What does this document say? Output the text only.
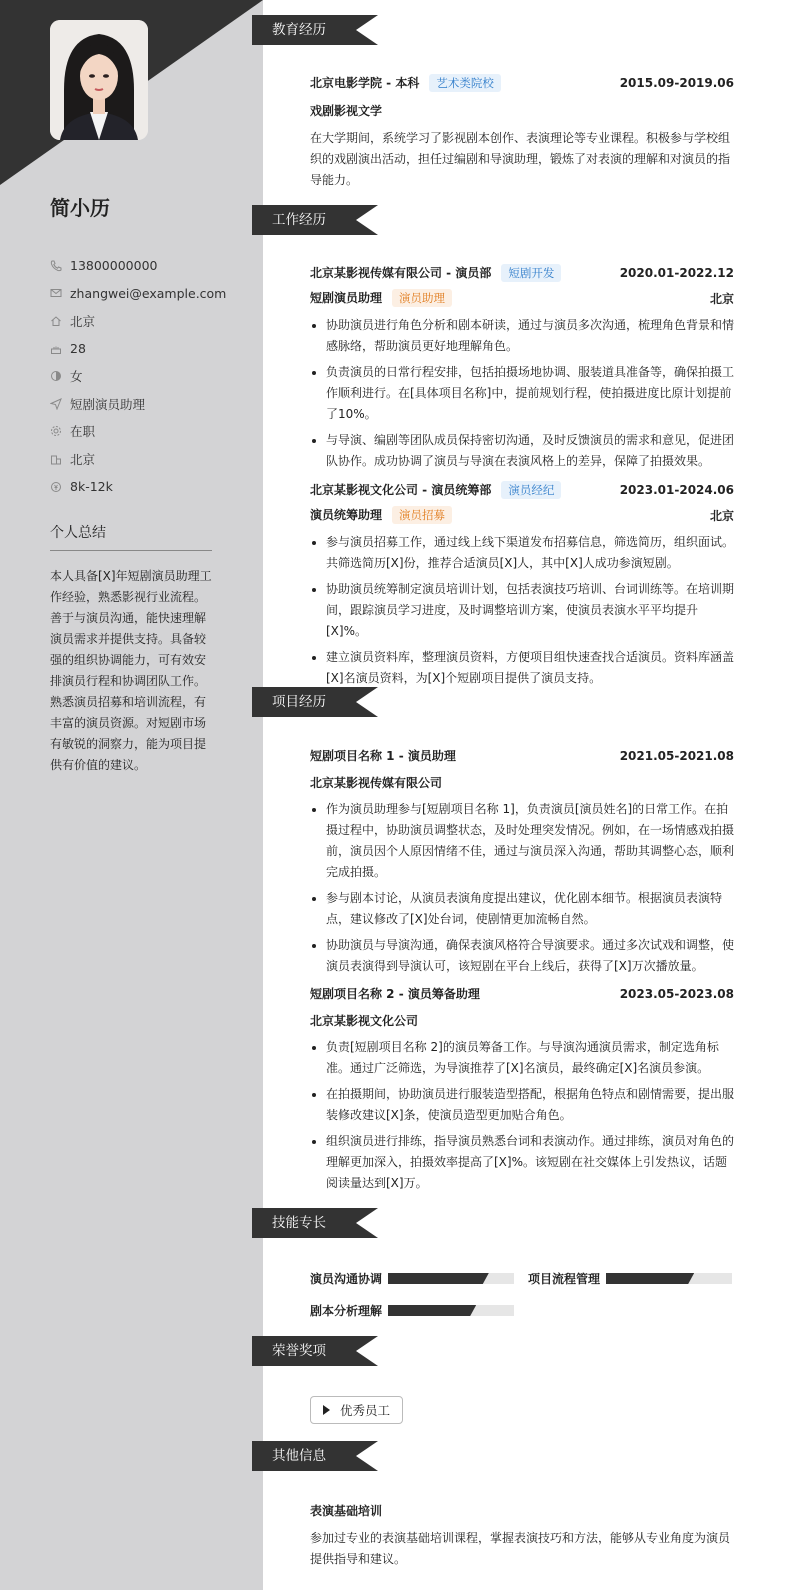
简小历
13800000000
zhangwei@example.com
北京
28
女
短剧演员助理
在职
北京
8k-12k
个人总结
本人具备[X]年短剧演员助理工作经验，熟悉影视行业流程。善于与演员沟通，能快速理解演员需求并提供支持。具备较强的组织协调能力，可有效安排演员行程和协调团队工作。熟悉演员招募和培训流程，有丰富的演员资源。对短剧市场有敏锐的洞察力，能为项目提供有价值的建议。
教育经历
工作经历
项目经历
技能专长
荣誉奖项
其他信息
北京电影学院 - 本科 艺术类院校	2015.09-2019.06
戏剧影视文学
在大学期间，系统学习了影视剧本创作、表演理论等专业课程。积极参与学校组织的戏剧演出活动，担任过编剧和导演助理，锻炼了对表演的理解和对演员的指导能力。
北京某影视传媒有限公司 - 演员部 短剧开发	2020.01-2022.12
短剧演员助理 演员助理	北京
• 协助演员进行角色分析和剧本研读，通过与演员多次沟通，梳理角色背景和情感脉络，帮助演员更好地理解角色。
• 负责演员的日常行程安排，包括拍摄场地协调、服装道具准备等，确保拍摄工作顺利进行。在[具体项目名称]中，提前规划行程，使拍摄进度比原计划提前了10%。
• 与导演、编剧等团队成员保持密切沟通，及时反馈演员的需求和意见，促进团队协作。成功协调了演员与导演在表演风格上的差异，保障了拍摄效果。
北京某影视文化公司 - 演员统筹部 演员经纪	2023.01-2024.06
演员统筹助理 演员招募	北京
• 参与演员招募工作，通过线上线下渠道发布招募信息，筛选简历，组织面试。共筛选简历[X]份，推荐合适演员[X]人，其中[X]人成功参演短剧。
• 协助演员统筹制定演员培训计划，包括表演技巧培训、台词训练等。在培训期间，跟踪演员学习进度，及时调整培训方案，使演员表演水平平均提升[X]%。
• 建立演员资料库，整理演员资料，方便项目组快速查找合适演员。资料库涵盖[X]名演员资料，为[X]个短剧项目提供了演员支持。
短剧项目名称 1 - 演员助理	2021.05-2021.08
北京某影视传媒有限公司
• 作为演员助理参与[短剧项目名称 1]，负责演员[演员姓名]的日常工作。在拍摄过程中，协助演员调整状态，及时处理突发情况。例如，在一场情感戏拍摄前，演员因个人原因情绪不佳，通过与演员深入沟通，帮助其调整心态，顺利完成拍摄。
• 参与剧本讨论，从演员表演角度提出建议，优化剧本细节。根据演员表演特点，建议修改了[X]处台词，使剧情更加流畅自然。
• 协助演员与导演沟通，确保表演风格符合导演要求。通过多次试戏和调整，使演员表演得到导演认可，该短剧在平台上线后，获得了[X]万次播放量。
短剧项目名称 2 - 演员筹备助理	2023.05-2023.08
北京某影视文化公司
• 负责[短剧项目名称 2]的演员筹备工作。与导演沟通演员需求，制定选角标准。通过广泛筛选，为导演推荐了[X]名演员，最终确定[X]名演员参演。
• 在拍摄期间，协助演员进行服装造型搭配，根据角色特点和剧情需要，提出服装修改建议[X]条，使演员造型更加贴合角色。
• 组织演员进行排练，指导演员熟悉台词和表演动作。通过排练，演员对角色的理解更加深入，拍摄效率提高了[X]%。该短剧在社交媒体上引发热议，话题阅读量达到[X]万。
演员沟通协调	项目流程管理
剧本分析理解
优秀员工
表演基础培训
参加过专业的表演基础培训课程，掌握表演技巧和方法，能够从专业角度为演员提供指导和建议。
